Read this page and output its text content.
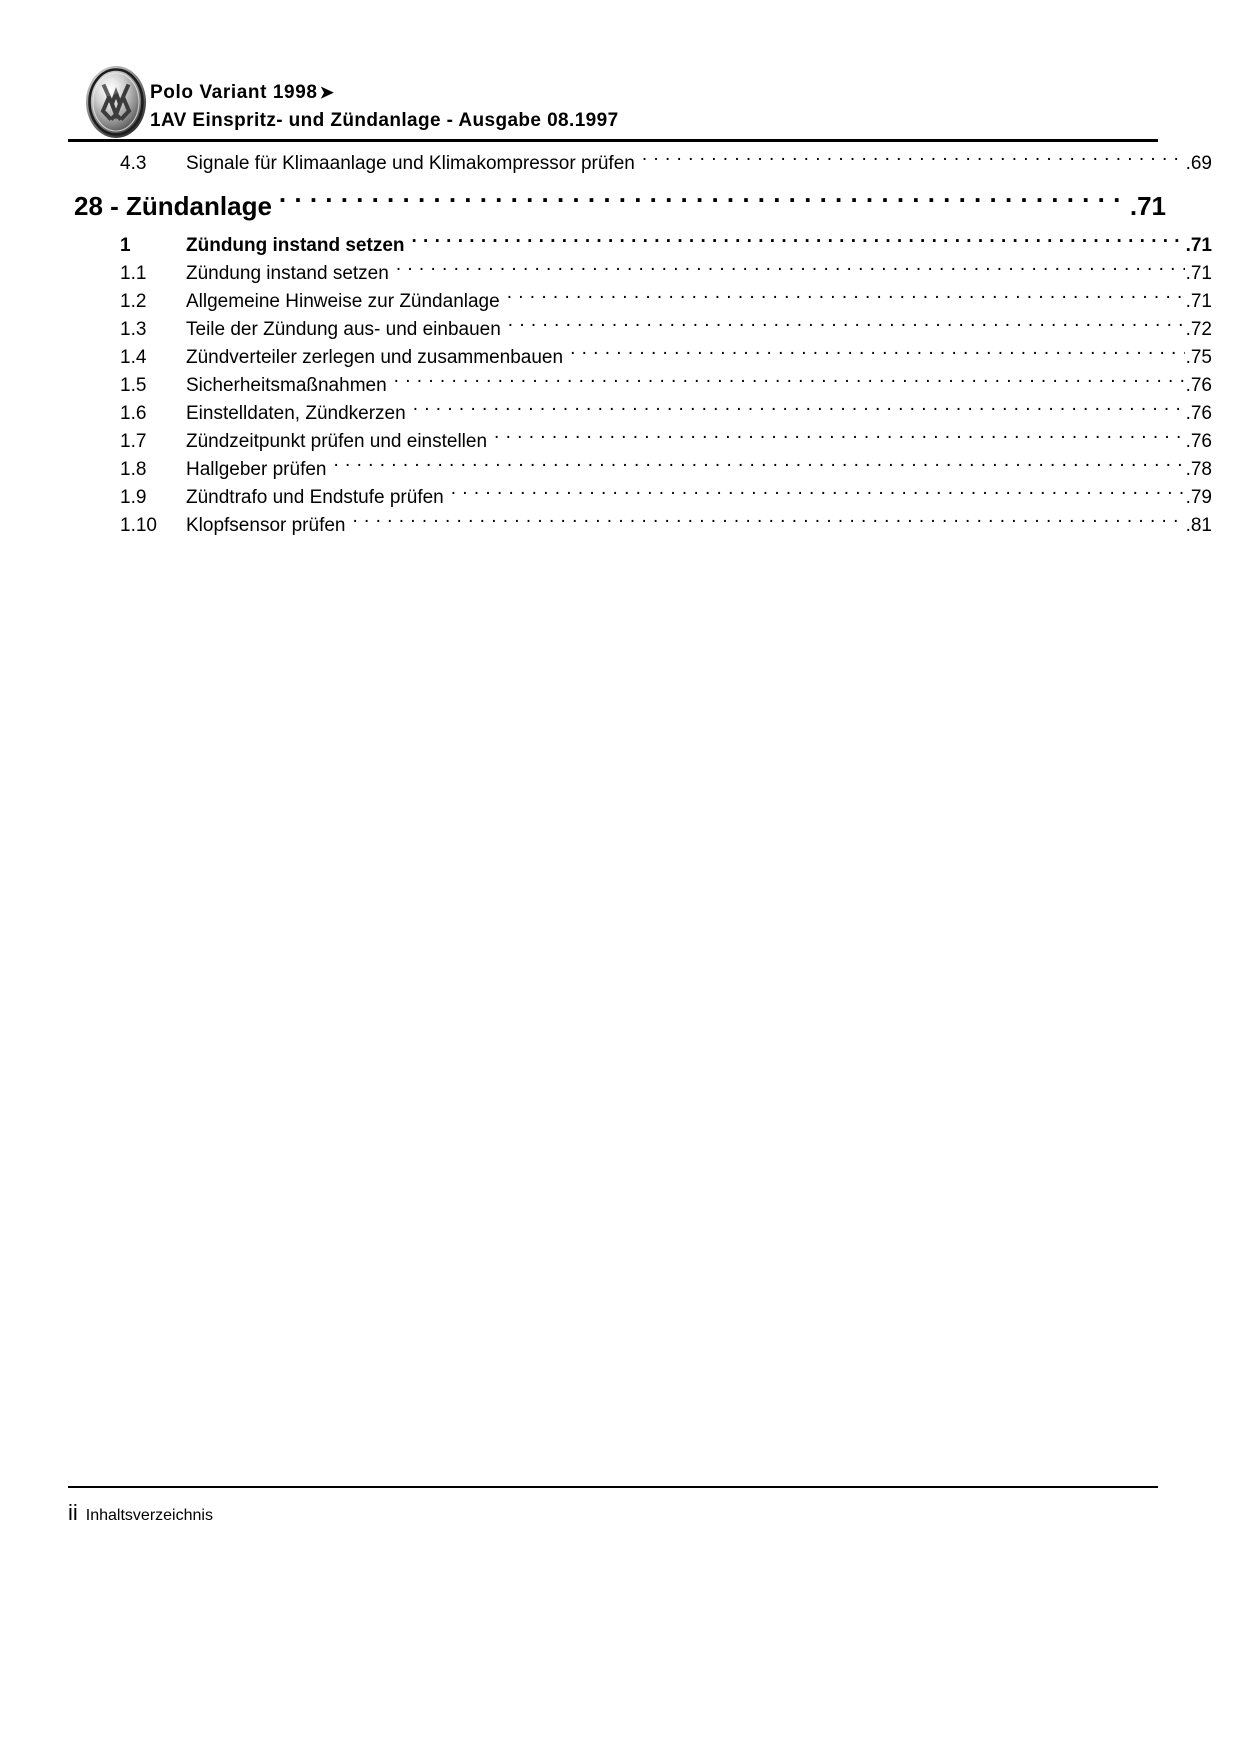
Polo Variant 1998 ➤
1AV Einspritz- und Zündanlage - Ausgabe 08.1997
4.3	Signale für Klimaanlage und Klimakompressor prüfen . . .	.69
28 - Zündanlage . . .	.71
1	Zündung instand setzen . . .	.71
1.1	Zündung instand setzen . . .	.71
1.2	Allgemeine Hinweise zur Zündanlage . . .	.71
1.3	Teile der Zündung aus- und einbauen . . .	.72
1.4	Zündverteiler zerlegen und zusammenbauen . . .	.75
1.5	Sicherheitsmaßnahmen . . .	.76
1.6	Einstelldaten, Zündkerzen . . .	.76
1.7	Zündzeitpunkt prüfen und einstellen . . .	.76
1.8	Hallgeber prüfen . . .	.78
1.9	Zündtrafo und Endstufe prüfen . . .	.79
1.10	Klopfsensor prüfen . . .	.81
ii Inhaltsverzeichnis
